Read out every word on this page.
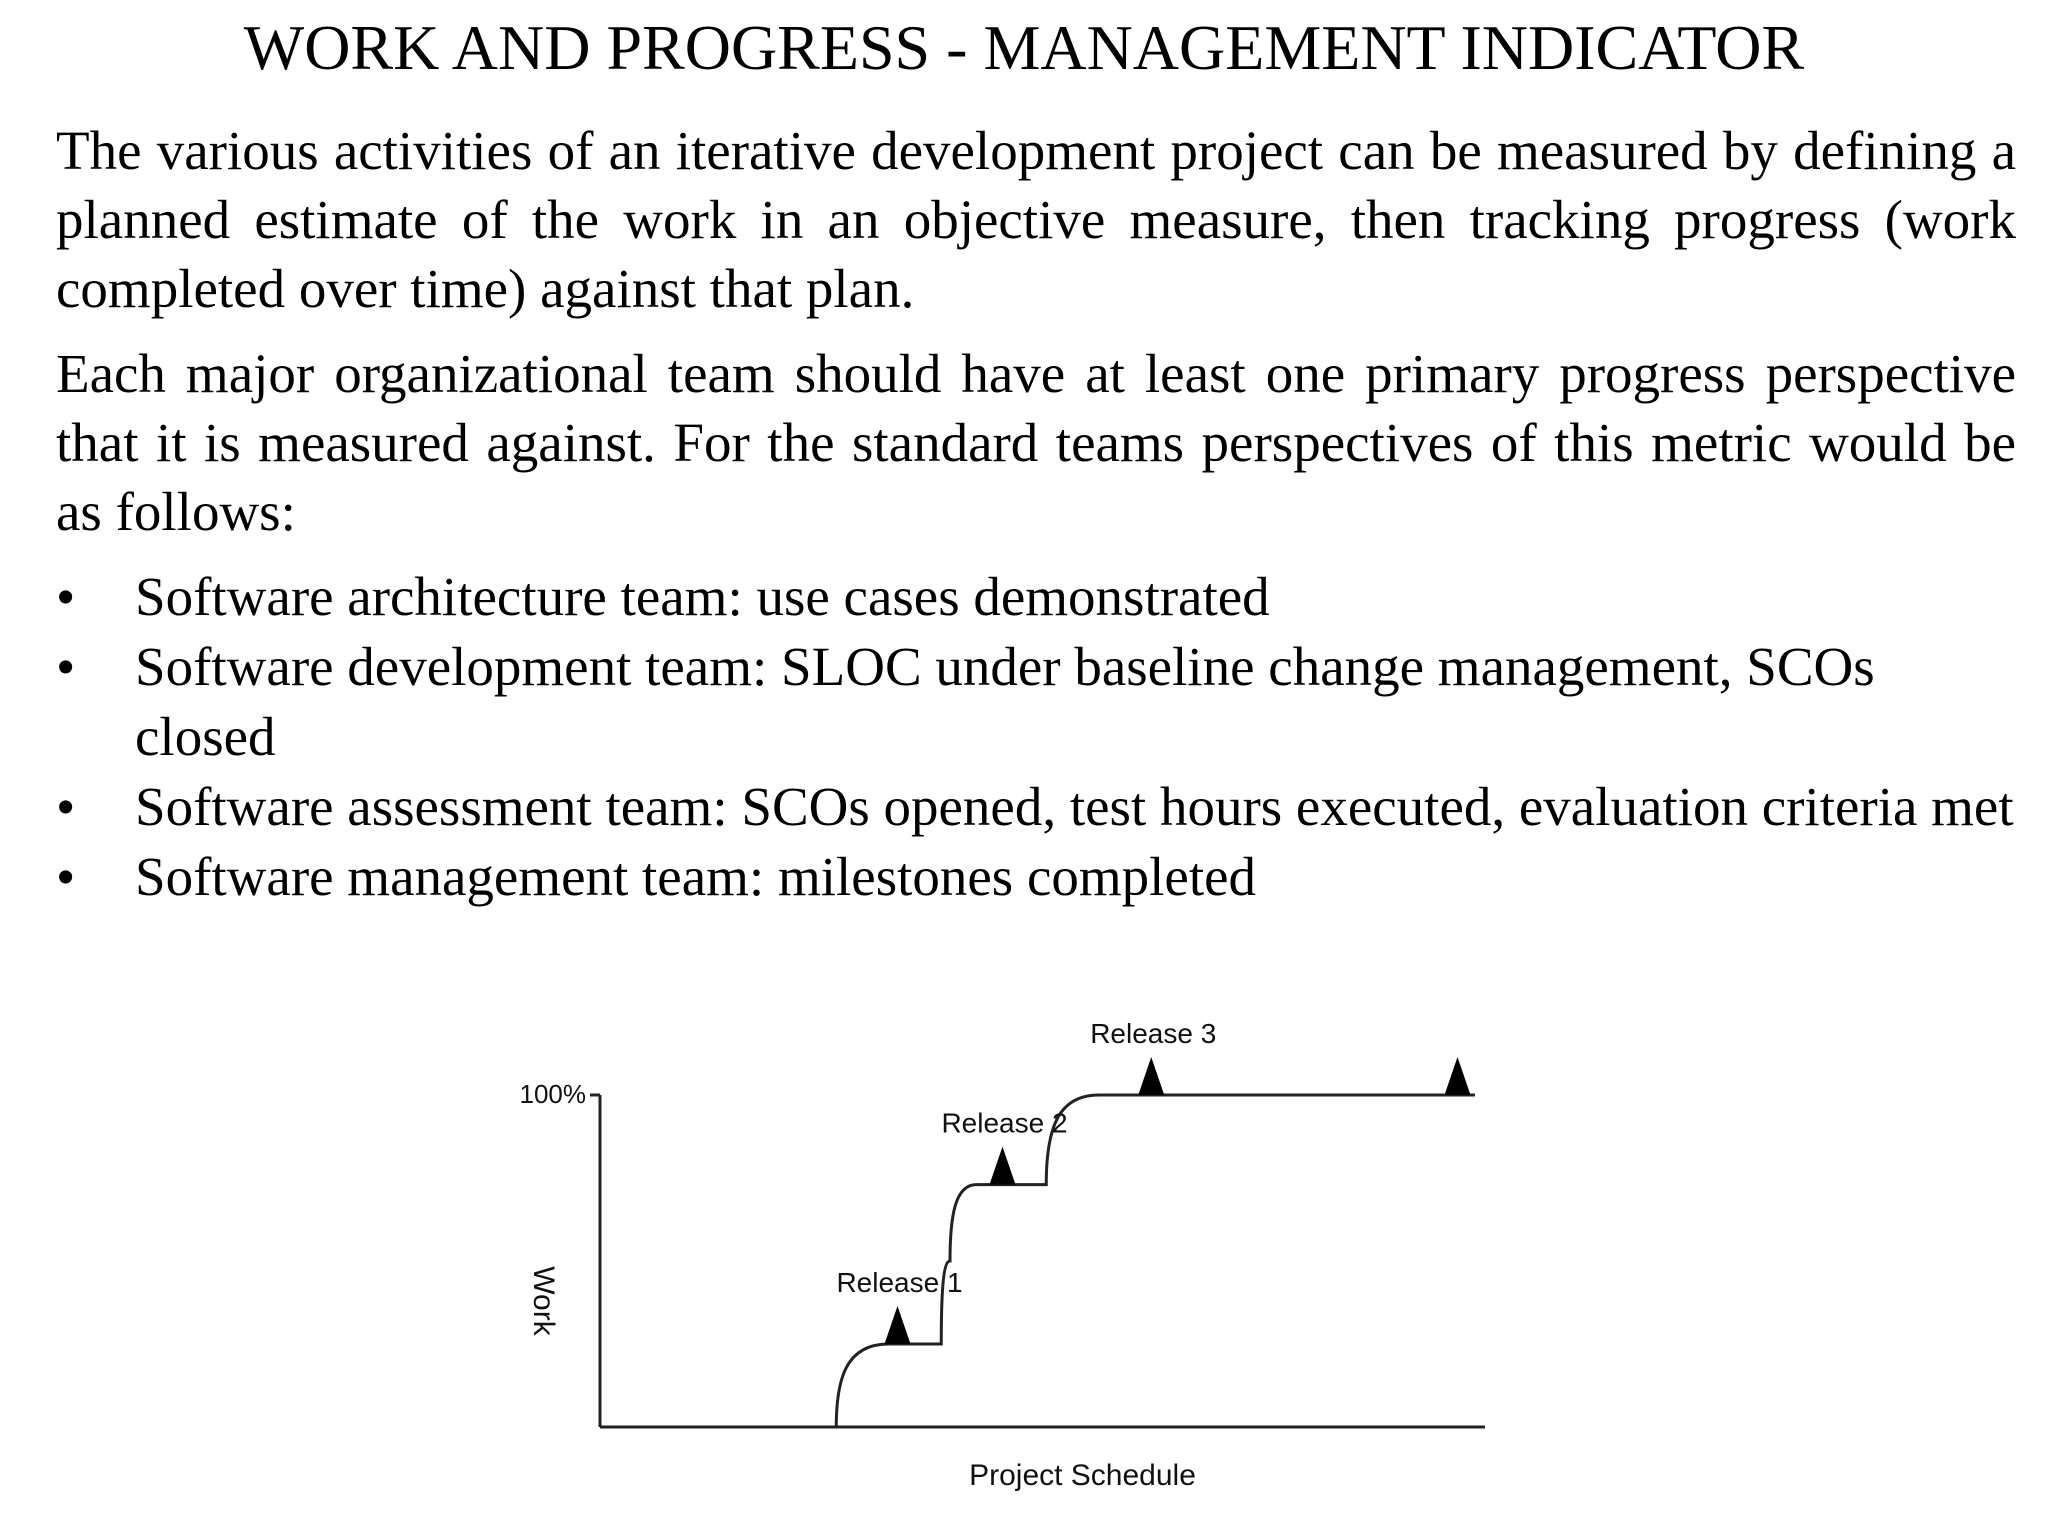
WORK AND PROGRESS - MANAGEMENT INDICATOR

The various activities of an iterative development project can be measured by defining a planned estimate of the work in an objective measure, then tracking progress (work completed over time) against that plan.

Each major organizational team should have at least one primary progress perspective that it is measured against. For the standard teams perspectives of this metric would be as follows:

• Software architecture team: use cases demonstrated
• Software development team: SLOC under baseline change management, SCOs closed
• Software assessment team: SCOs opened, test hours executed, evaluation criteria met
• Software management team: milestones completed
100%
Work
Project Schedule
Release 1
Release 2
Release 3
